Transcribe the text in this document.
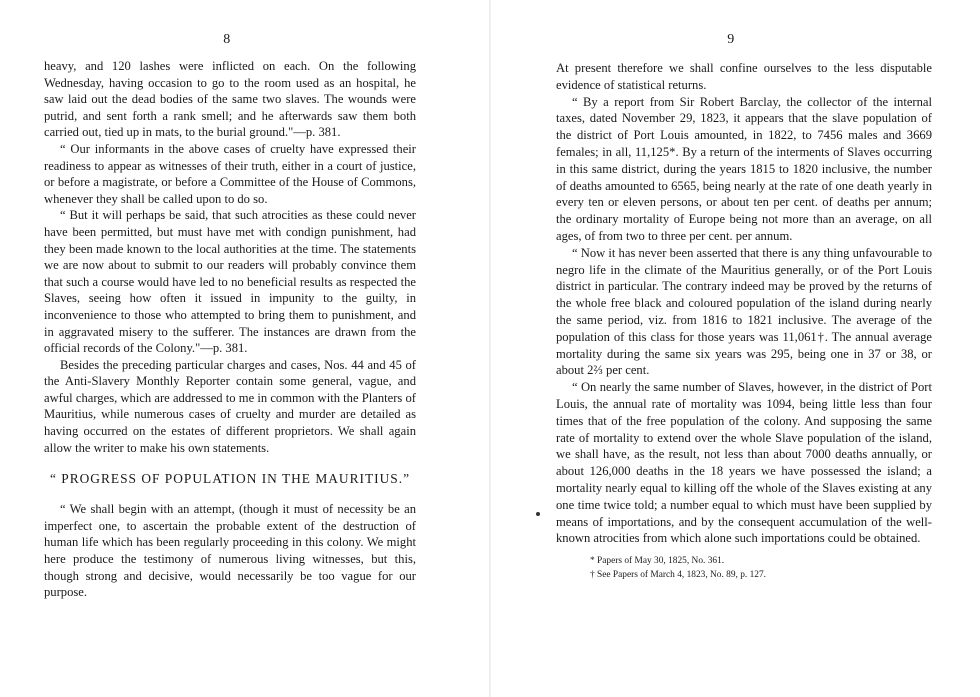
8

heavy, and 120 lashes were inflicted on each. On the following Wednesday, having occasion to go to the room used as an hospital, he saw laid out the dead bodies of the same two slaves. The wounds were putrid, and sent forth a rank smell; and he afterwards saw them both carried out, tied up in mats, to the burial ground."—p. 381.

“ Our informants in the above cases of cruelty have expressed their readiness to appear as witnesses of their truth, either in a court of justice, or before a magistrate, or before a Committee of the House of Commons, whenever they shall be called upon to do so.

“ But it will perhaps be said, that such atrocities as these could never have been permitted, but must have met with condign punishment, had they been made known to the local authorities at the time. The statements we are now about to submit to our readers will probably convince them that such a course would have led to no beneficial results as respected the Slaves, seeing how often it issued in impunity to the guilty, in inconvenience to those who attempted to bring them to punishment, and in aggravated misery to the sufferer. The instances are drawn from the official records of the Colony."—p. 381.

Besides the preceding particular charges and cases, Nos. 44 and 45 of the Anti-Slavery Monthly Reporter contain some general, vague, and awful charges, which are addressed to me in common with the Planters of Mauritius, while numerous cases of cruelty and murder are detailed as having occurred on the estates of different proprietors. We shall again allow the writer to make his own statements.

“ PROGRESS OF POPULATION IN THE MAURITIUS.”

“ We shall begin with an attempt, (though it must of necessity be an imperfect one, to ascertain the probable extent of the destruction of human life which has been regularly proceeding in this colony. We might here produce the testimony of numerous living witnesses, but this, though strong and decisive, would necessarily be too vague for our purpose.

9

At present therefore we shall confine ourselves to the less disputable evidence of statistical returns.

“ By a report from Sir Robert Barclay, the collector of the internal taxes, dated November 29, 1823, it appears that the slave population of the district of Port Louis amounted, in 1822, to 7456 males and 3669 females; in all, 11,125*. By a return of the interments of Slaves occurring in this same district, during the years 1815 to 1820 inclusive, the number of deaths amounted to 6565, being nearly at the rate of one death yearly in every ten or eleven persons, or about ten per cent. of deaths per annum; the ordinary mortality of Europe being not more than an average, on all ages, of from two to three per cent. per annum.

“ Now it has never been asserted that there is any thing unfavourable to negro life in the climate of the Mauritius generally, or of the Port Louis district in particular. The contrary indeed may be proved by the returns of the whole free black and coloured population of the island during nearly the same period, viz. from 1816 to 1821 inclusive. The average of the population of this class for those years was 11,061†. The annual average mortality during the same six years was 295, being one in 37 or 38, or about 2⅔ per cent.

“ On nearly the same number of Slaves, however, in the district of Port Louis, the annual rate of mortality was 1094, being little less than four times that of the free population of the colony. And supposing the same rate of mortality to extend over the whole Slave population of the island, we shall have, as the result, not less than about 7000 deaths annually, or about 126,000 deaths in the 18 years we have possessed the island; a mortality nearly equal to killing off the whole of the Slaves existing at any one time twice told; a number equal to which must have been supplied by means of importations, and by the consequent accumulation of the well-known atrocities from which alone such importations could be obtained.

* Papers of May 30, 1825, No. 361.
† See Papers of March 4, 1823, No. 89, p. 127.
